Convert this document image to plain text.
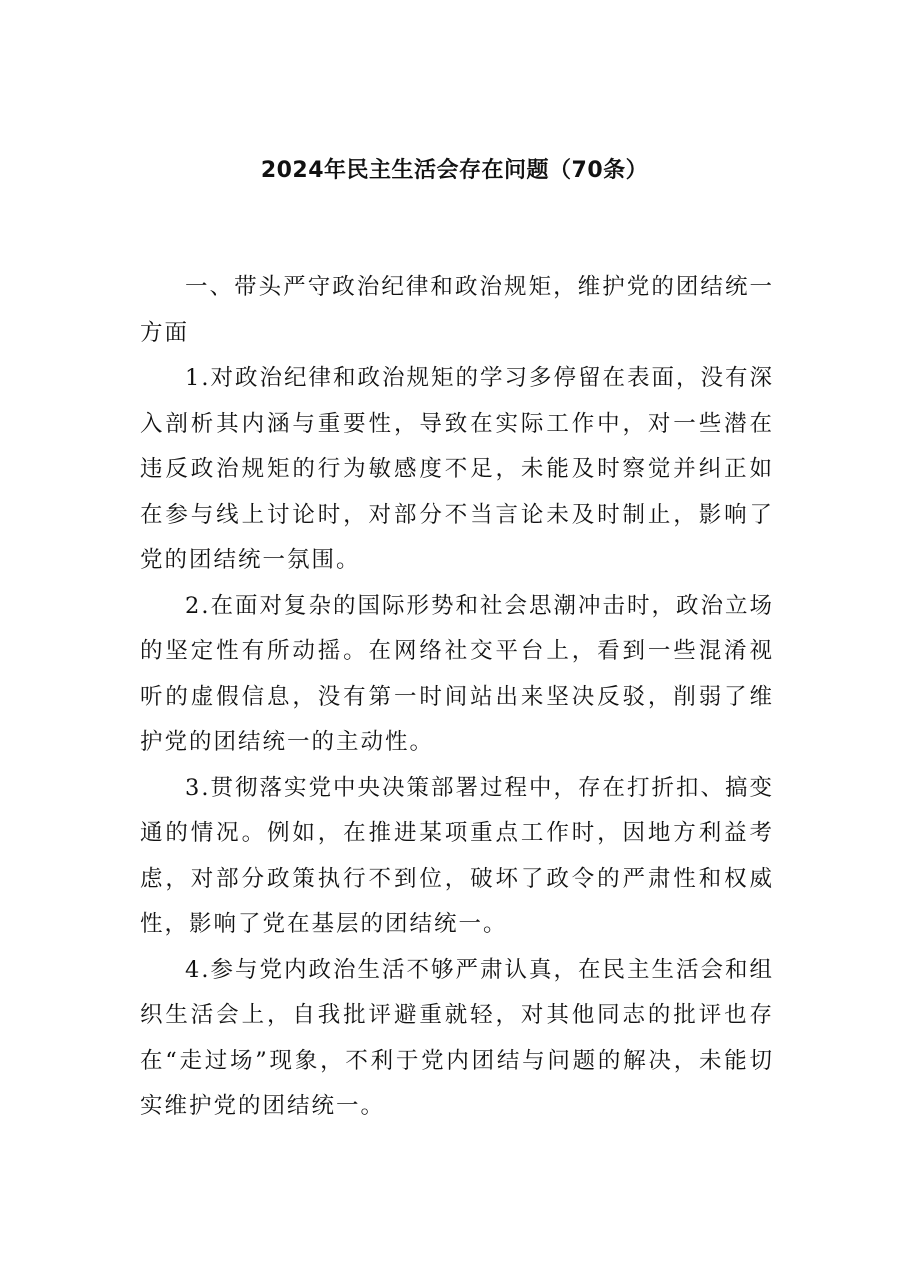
2024年民主生活会存在问题（70条）

一、带头严守政治纪律和政治规矩，维护党的团结统一方面

1.对政治纪律和政治规矩的学习多停留在表面，没有深入剖析其内涵与重要性，导致在实际工作中，对一些潜在违反政治规矩的行为敏感度不足，未能及时察觉并纠正如在参与线上讨论时，对部分不当言论未及时制止，影响了党的团结统一氛围。

2.在面对复杂的国际形势和社会思潮冲击时，政治立场的坚定性有所动摇。在网络社交平台上，看到一些混淆视听的虚假信息，没有第一时间站出来坚决反驳，削弱了维护党的团结统一的主动性。

3.贯彻落实党中央决策部署过程中，存在打折扣、搞变通的情况。例如，在推进某项重点工作时，因地方利益考虑，对部分政策执行不到位，破坏了政令的严肃性和权威性，影响了党在基层的团结统一。

4.参与党内政治生活不够严肃认真，在民主生活会和组织生活会上，自我批评避重就轻，对其他同志的批评也存在“走过场”现象，不利于党内团结与问题的解决，未能切实维护党的团结统一。
